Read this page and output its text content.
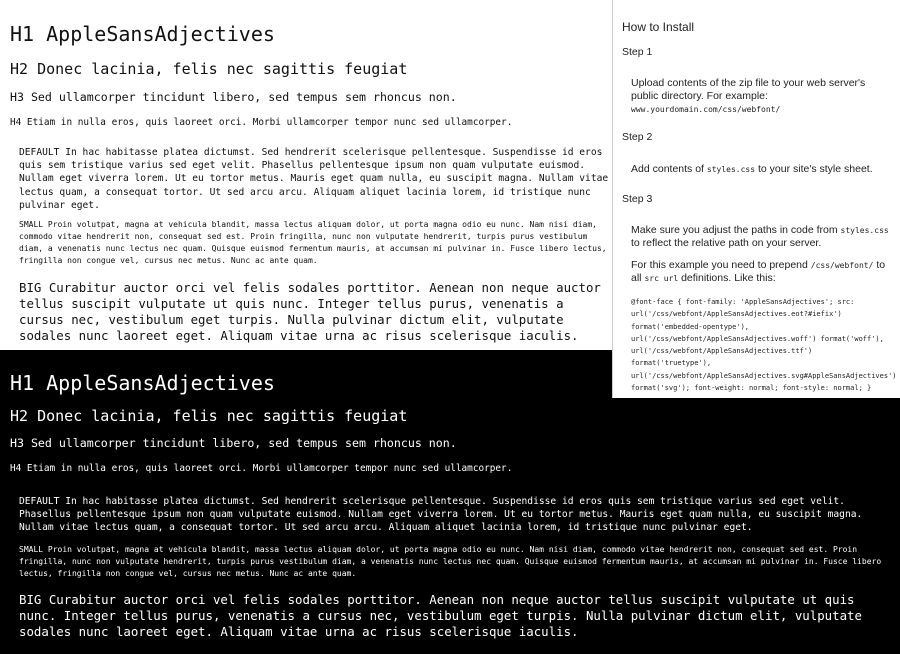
H1 AppleSansAdjectives
H2 Donec lacinia, felis nec sagittis feugiat
H3 Sed ullamcorper tincidunt libero, sed tempus sem rhoncus non.
H4 Etiam in nulla eros, quis laoreet orci. Morbi ullamcorper tempor nunc sed ullamcorper.
DEFAULT In hac habitasse platea dictumst. Sed hendrerit scelerisque pellentesque. Suspendisse id eros quis sem tristique varius sed eget velit. Phasellus pellentesque ipsum non quam vulputate euismod. Nullam eget viverra lorem. Ut eu tortor metus. Mauris eget quam nulla, eu suscipit magna. Nullam vitae lectus quam, a consequat tortor. Ut sed arcu arcu. Aliquam aliquet lacinia lorem, id tristique nunc pulvinar eget.
SMALL Proin volutpat, magna at vehicula blandit, massa lectus aliquam dolor, ut porta magna odio eu nunc. Nam nisi diam, commodo vitae hendrerit non, consequat sed est. Proin fringilla, nunc non vulputate hendrerit, turpis purus vestibulum diam, a venenatis nunc lectus nec quam. Quisque euismod fermentum mauris, at accumsan mi pulvinar in. Fusce libero lectus, fringilla non congue vel, cursus nec metus. Nunc ac ante quam.
BIG Curabitur auctor orci vel felis sodales porttitor. Aenean non neque auctor tellus suscipit vulputate ut quis nunc. Integer tellus purus, venenatis a cursus nec, vestibulum eget turpis. Nulla pulvinar dictum elit, vulputate sodales nunc laoreet eget. Aliquam vitae urna ac risus scelerisque iaculis.
H1 AppleSansAdjectives
H2 Donec lacinia, felis nec sagittis feugiat
H3 Sed ullamcorper tincidunt libero, sed tempus sem rhoncus non.
H4 Etiam in nulla eros, quis laoreet orci. Morbi ullamcorper tempor nunc sed ullamcorper.
DEFAULT In hac habitasse platea dictumst. Sed hendrerit scelerisque pellentesque. Suspendisse id eros quis sem tristique varius sed eget velit. Phasellus pellentesque ipsum non quam vulputate euismod. Nullam eget viverra lorem. Ut eu tortor metus. Mauris eget quam nulla, eu suscipit magna. Nullam vitae lectus quam, a consequat tortor. Ut sed arcu arcu. Aliquam aliquet lacinia lorem, id tristique nunc pulvinar eget.
SMALL Proin volutpat, magna at vehicula blandit, massa lectus aliquam dolor, ut porta magna odio eu nunc. Nam nisi diam, commodo vitae hendrerit non, consequat sed est. Proin fringilla, nunc non vulputate hendrerit, turpis purus vestibulum diam, a venenatis nunc lectus nec quam. Quisque euismod fermentum mauris, at accumsan mi pulvinar in. Fusce libero lectus, fringilla non congue vel, cursus nec metus. Nunc ac ante quam.
BIG Curabitur auctor orci vel felis sodales porttitor. Aenean non neque auctor tellus suscipit vulputate ut quis nunc. Integer tellus purus, venenatis a cursus nec, vestibulum eget turpis. Nulla pulvinar dictum elit, vulputate sodales nunc laoreet eget. Aliquam vitae urna ac risus scelerisque iaculis.
How to Install
Step 1
Upload contents of the zip file to your web server's public directory. For example:
www.yourdomain.com/css/webfont/
Step 2
Add contents of styles.css to your site's style sheet.
Step 3
Make sure you adjust the paths in code from styles.css to reflect the relative path on your server.
For this example you need to prepend /css/webfont/ to all src url definitions. Like this:
@font-face { font-family: 'AppleSansAdjectives'; src:
url('/css/webfont/AppleSansAdjectives.eot?#iefix')
format('embedded-opentype'),
url('/css/webfont/AppleSansAdjectives.woff') format('woff'),
url('/css/webfont/AppleSansAdjectives.ttf')
format('truetype'),
url('/css/webfont/AppleSansAdjectives.svg#AppleSansAdjectives')
format('svg'); font-weight: normal; font-style: normal; }
